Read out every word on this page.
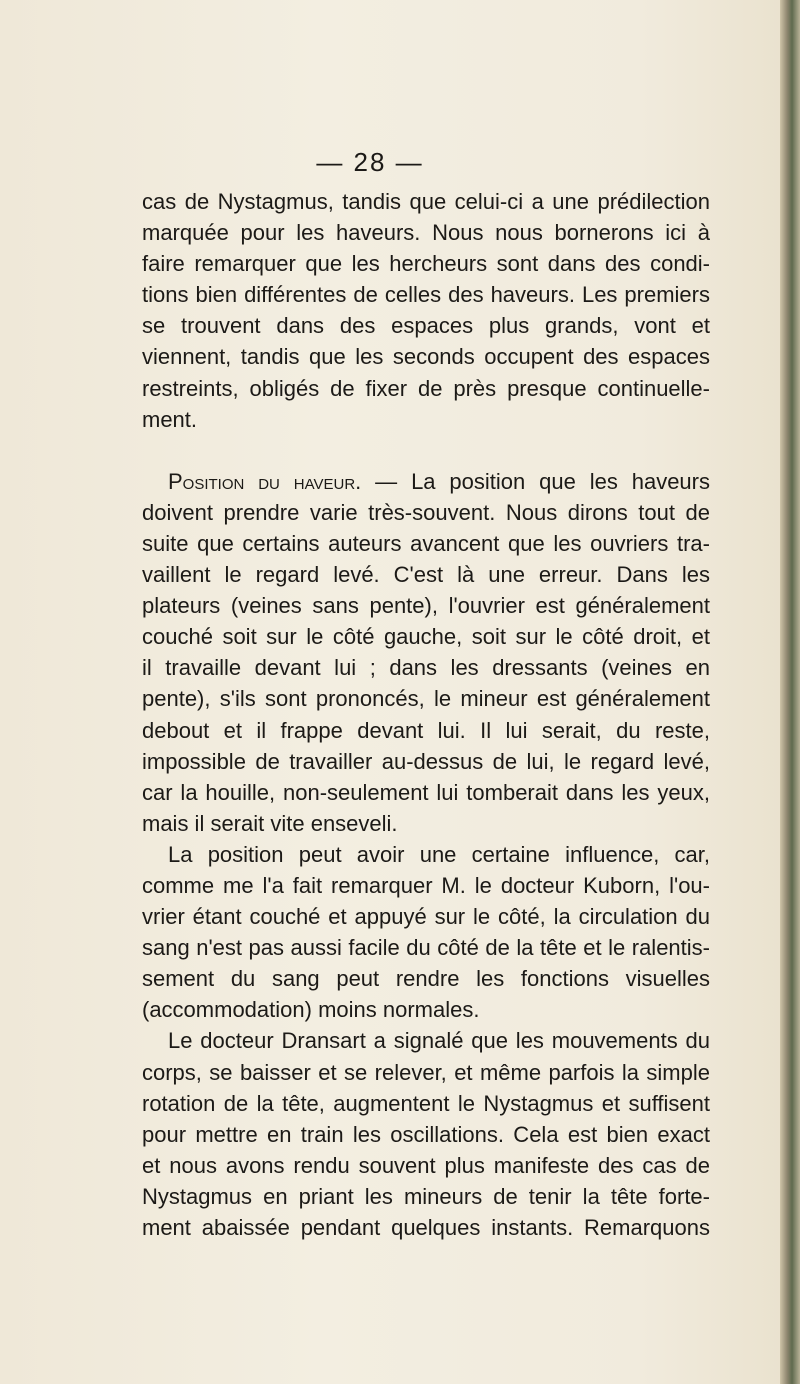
— 28 —
cas de Nystagmus, tandis que celui-ci a une prédilection
marquée pour les haveurs. Nous nous bornerons ici à
faire remarquer que les hercheurs sont dans des condi-
tions bien différentes de celles des haveurs. Les premiers
se trouvent dans des espaces plus grands, vont et
viennent, tandis que les seconds occupent des espaces
restreints, obligés de fixer de près presque continuelle-
ment.
Position du haveur. — La position que les haveurs
doivent prendre varie très-souvent. Nous dirons tout de
suite que certains auteurs avancent que les ouvriers tra-
vaillent le regard levé. C'est là une erreur. Dans les
plateurs (veines sans pente), l'ouvrier est généralement
couché soit sur le côté gauche, soit sur le côté droit, et
il travaille devant lui ; dans les dressants (veines en
pente), s'ils sont prononcés, le mineur est généralement
debout et il frappe devant lui. Il lui serait, du reste,
impossible de travailler au-dessus de lui, le regard levé,
car la houille, non-seulement lui tomberait dans les yeux,
mais il serait vite enseveli.
La position peut avoir une certaine influence, car,
comme me l'a fait remarquer M. le docteur Kuborn, l'ou-
vrier étant couché et appuyé sur le côté, la circulation du
sang n'est pas aussi facile du côté de la tête et le ralentis-
sement du sang peut rendre les fonctions visuelles
(accommodation) moins normales.
Le docteur Dransart a signalé que les mouvements du
corps, se baisser et se relever, et même parfois la simple
rotation de la tête, augmentent le Nystagmus et suffisent
pour mettre en train les oscillations. Cela est bien exact
et nous avons rendu souvent plus manifeste des cas de
Nystagmus en priant les mineurs de tenir la tête forte-
ment abaissée pendant quelques instants. Remarquons
